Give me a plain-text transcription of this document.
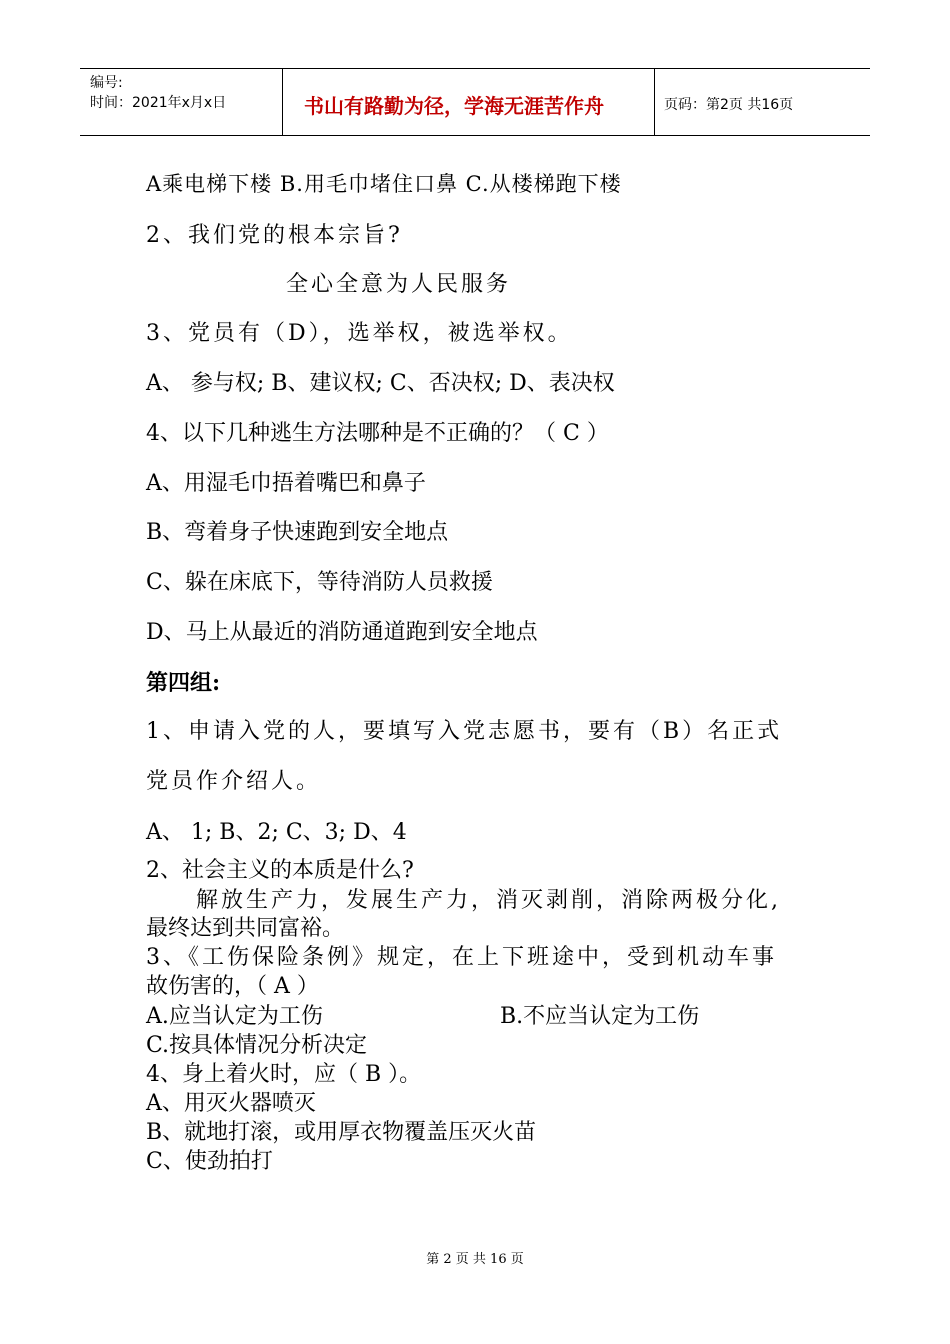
编号:
时间：2021年x月x日	书山有路勤为径，学海无涯苦作舟	页码：第2页 共16页
A乘电梯下楼 B.用毛巾堵住口鼻 C.从楼梯跑下楼
2、我们党的根本宗旨?
全心全意为人民服务
3、党员有（D），选举权，被选举权。
A、 参与权; B、建议权; C、否决权; D、表决权
4、以下几种逃生方法哪种是不正确的？（ C ）
A、用湿毛巾捂着嘴巴和鼻子
B、弯着身子快速跑到安全地点
C、躲在床底下，等待消防人员救援
D、马上从最近的消防通道跑到安全地点
第四组:
1、申请入党的人，要填写入党志愿书，要有（B）名正式
党员作介绍人。
A、 1; B、2; C、3; D、4
2、社会主义的本质是什么?
解放生产力，发展生产力，消灭剥削，消除两极分化,
最终达到共同富裕。
3、《工伤保险条例》规定，在上下班途中，受到机动车事
故伤害的，（ A ）
A.应当认定为工伤	B.不应当认定为工伤
C.按具体情况分析决定
4、身上着火时，应（ B ）。
A、用灭火器喷灭
B、就地打滚，或用厚衣物覆盖压灭火苗
C、使劲拍打
第 2 页 共 16 页
